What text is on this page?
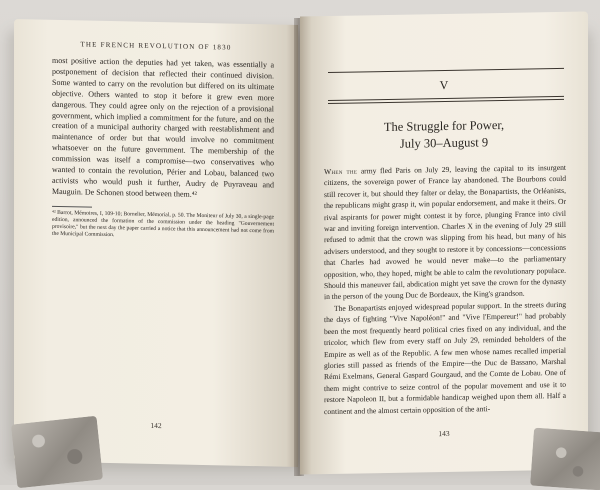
THE FRENCH REVOLUTION OF 1830

most positive action the deputies had yet taken, was essentially a postponement of decision that reflected their continued division. Some wanted to carry on the revolution but differed on its ultimate objective. Others wanted to stop it before it grew even more dangerous. They could agree only on the rejection of a provisional government, which implied a commitment for the future, and on the creation of a municipal authority charged with reestablishment and maintenance of order but that would involve no commitment whatsoever on the future government. The membership of the commission was itself a compromise—two conservatives who wanted to contain the revolution, Périer and Lobau, balanced two activists who would push it further, Audry de Puyraveau and Mauguin. De Schonen stood between them.⁴²

⁴² Barrot, Mémoires, I, 109-10; Bornelier, Mémorial, p. 50. The Moniteur of July 30, a single-page edition, announced the formation of the commission under the heading "Gouvernement provisoire," but the next day the paper carried a notice that this announcement had not come from the Municipal Commission.

142
V
The Struggle for Power,
July 30–August 9

When the army fled Paris on July 29, leaving the capital to its insurgent citizens, the sovereign power of France lay abandoned. The Bourbons could still recover it, but should they falter or delay, the Bonapartists, the Orléanists, the republicans might grasp it, win popular endorsement, and make it theirs. Or rival aspirants for power might contest it by force, plunging France into civil war and inviting foreign intervention. Charles X in the evening of July 29 still refused to admit that the crown was slipping from his head, but many of his advisers understood, and they sought to restore it by concessions—concessions that Charles had avowed he would never make—to the parliamentary opposition, who, they hoped, might be able to calm the revolutionary populace. Should this maneuver fail, abdication might yet save the crown for the dynasty in the person of the young Duc de Bordeaux, the King's grandson.

The Bonapartists enjoyed widespread popular support. In the streets during the days of fighting "Vive Napoléon!" and "Vive l'Empereur!" had probably been the most frequently heard political cries fixed on any individual, and the tricolor, which flew from every staff on July 29, reminded beholders of the Empire as well as of the Republic. A few men whose names recalled imperial glories still passed as friends of the Empire—the Duc de Bassano, Marshal Rémi Exelmans, General Gaspard Gourgaud, and the Comte de Lobau. One of them might contrive to seize control of the popular movement and use it to restore Napoleon II, but a formidable handicap weighed upon them all. Half a continent and the almost certain opposition of the anti-

143
